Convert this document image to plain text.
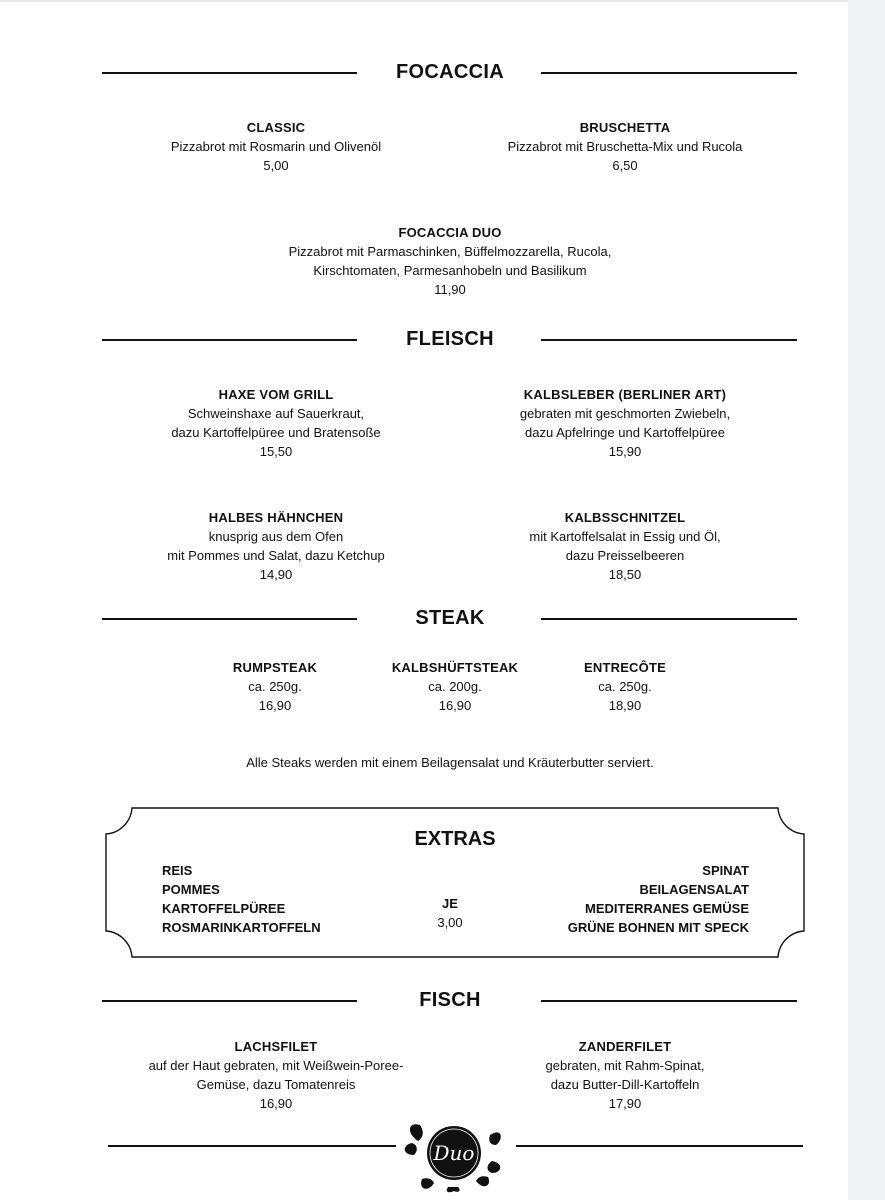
FOCACCIA
CLASSIC
Pizzabrot mit Rosmarin und Olivenöl
5,00
BRUSCHETTA
Pizzabrot mit Bruschetta-Mix und Rucola
6,50
FOCACCIA DUO
Pizzabrot mit Parmaschinken, Büffelmozzarella, Rucola,
Kirschtomaten, Parmesanhobeln und Basilikum
11,90
FLEISCH
HAXE VOM GRILL
Schweinshaxe auf Sauerkraut,
dazu Kartoffelpüree und Bratensoße
15,50
KALBSLEBER (BERLINER ART)
gebraten mit geschmorten Zwiebeln,
dazu Apfelringe und Kartoffelpüree
15,90
HALBES HÄHNCHEN
knusprig aus dem Ofen
mit Pommes und Salat, dazu Ketchup
14,90
KALBSSCHNITZEL
mit Kartoffelsalat in Essig und Öl,
dazu Preisselbeeren
18,50
STEAK
RUMPSTEAK
ca. 250g.
16,90
KALBSHÜFTSTEAK
ca. 200g.
16,90
ENTRECÔTE
ca. 250g.
18,90
Alle Steaks werden mit einem Beilagensalat und Kräuterbutter serviert.
EXTRAS
REIS
POMMES
KARTOFFELPÜREE
ROSMARINKARTOFFELN
JE
3,00
SPINAT
BEILAGENSALAT
MEDITERRANES GEMÜSE
GRÜNE BOHNEN MIT SPECK
FISCH
LACHSFILET
auf der Haut gebraten, mit Weißwein-Poree-
Gemüse, dazu Tomatenreis
16,90
ZANDERFILET
gebraten, mit Rahm-Spinat,
dazu Butter-Dill-Kartoffeln
17,90
Duo
